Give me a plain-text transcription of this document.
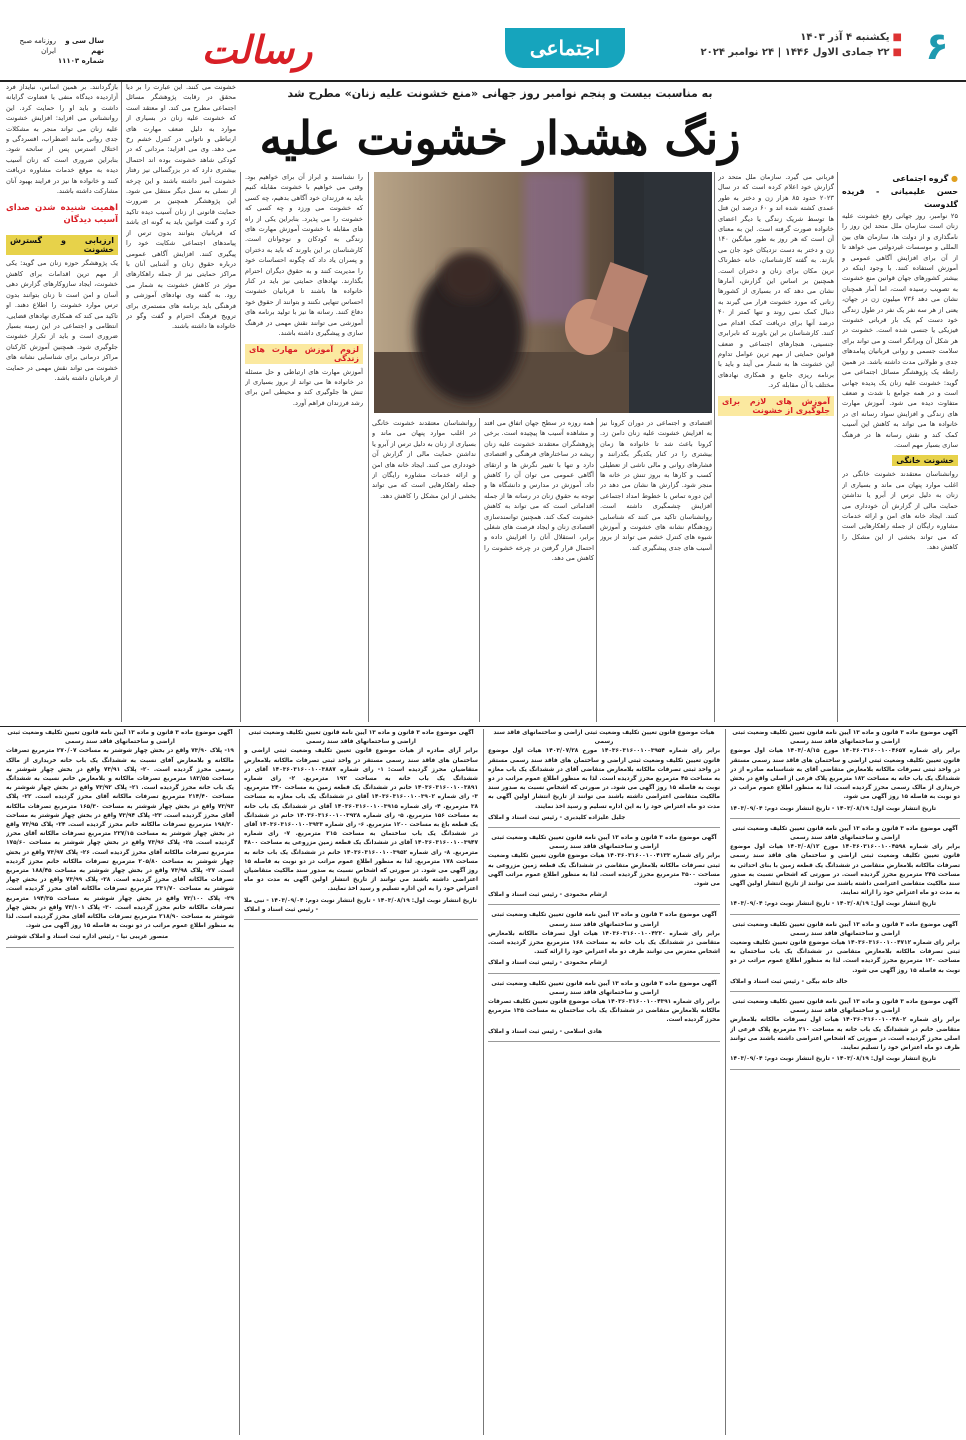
۶
■یکشنبه ۴ آذر ۱۴۰۳
■۲۲ جمادی الاول ۱۴۴۶ | ۲۴ نوامبر ۲۰۲۴
اجتماعی
رسالت
سال سی و نهم
شماره ۱۱۱۰۳
روزنامه صبح ایران
به مناسبت بیست و پنجم نوامبر روز جهانی «منع خشونت علیه زنان» مطرح شد
زنگ هشدار خشونت علیه
● گروه اجتماعی
حسن علیمیانی - فریده گلدوست
۲۵ نوامبر، روز جهانی رفع خشونت علیه زنان است سازمان ملل متحد این روز را نامگذاری و از دولت ها، سازمان های بین المللی و موسسات غیردولتی می خواهد تا از آن برای افزایش آگاهی عمومی و آموزش استفاده کنند. با وجود اینکه در بیشتر کشورهای جهان قوانین منع خشونت به تصویب رسیده است، اما آمار همچنان نشان می دهد ۷۳۶ میلیون زن در جهان، یعنی از هر سه نفر یک نفر در طول زندگی خود دست کم یک بار قربانی خشونت فیزیکی یا جنسی شده است. خشونت در هر شکل آن ویرانگر است و می تواند برای سلامت جسمی و روانی قربانیان پیامدهای جدی و طولانی مدت داشته باشد. در همین رابطه یک پژوهشگر مسائل اجتماعی می گوید: خشونت علیه زنان یک پدیده جهانی است و در همه جوامع با شدت و ضعف متفاوت دیده می شود. آموزش مهارت های زندگی و افزایش سواد رسانه ای در خانواده ها می تواند به کاهش این آسیب کمک کند و نقش رسانه ها در فرهنگ سازی بسیار مهم است.
خشونت خانگی
روانشناسان معتقدند خشونت خانگی در اغلب موارد پنهان می ماند و بسیاری از زنان به دلیل ترس از آبرو یا نداشتن حمایت مالی از گزارش آن خودداری می کنند. ایجاد خانه های امن و ارائه خدمات مشاوره رایگان از جمله راهکارهایی است که می تواند بخشی از این مشکل را کاهش دهد.
قربانی می گیرد. سازمان ملل متحد در گزارش خود اعلام کرده است که در سال ۲۰۲۳ حدود ۸۵ هزار زن و دختر به طور عمدی کشته شده اند و ۶۰ درصد این قتل ها توسط شریک زندگی یا دیگر اعضای خانواده صورت گرفته است. این به معنای آن است که هر روز به طور میانگین ۱۴۰ زن و دختر به دست نزدیکان خود جان می بازند. به گفته کارشناسان، خانه خطرناک ترین مکان برای زنان و دختران است. همچنین بر اساس این گزارش، آمارها نشان می دهد که در بسیاری از کشورها زنانی که مورد خشونت قرار می گیرند به دنبال کمک نمی روند و تنها کمتر از ۴۰ درصد آنها برای دریافت کمک اقدام می کنند. کارشناسان بر این باورند که نابرابری جنسیتی، هنجارهای اجتماعی و ضعف قوانین حمایتی از مهم ترین عوامل تداوم این خشونت ها به شمار می آیند و باید با برنامه ریزی جامع و همکاری نهادهای مختلف با آن مقابله کرد.
آموزش های لازم برای جلوگیری از خشونت
اقتصادی و اجتماعی در دوران کرونا نیز به افزایش خشونت علیه زنان دامن زد. کرونا باعث شد تا خانواده ها زمان بیشتری را در کنار یکدیگر بگذرانند و فشارهای روانی و مالی ناشی از تعطیلی کسب و کارها به بروز تنش در خانه ها منجر شود. گزارش ها نشان می دهد در این دوره تماس با خطوط امداد اجتماعی افزایش چشمگیری داشته است. روانشناسان تاکید می کنند که شناسایی زودهنگام نشانه های خشونت و آموزش شیوه های کنترل خشم می تواند از بروز آسیب های جدی پیشگیری کند.
همه روزه در سطح جهان اتفاق می افتد و مشاهده آسیب ها پیچیده است. برخی پژوهشگران معتقدند خشونت علیه زنان ریشه در ساختارهای فرهنگی و اقتصادی دارد و تنها با تغییر نگرش ها و ارتقای آگاهی عمومی می توان آن را کاهش داد. آموزش در مدارس و دانشگاه ها و توجه به حقوق زنان در رسانه ها از جمله اقداماتی است که می تواند به کاهش خشونت کمک کند. همچنین توانمندسازی اقتصادی زنان و ایجاد فرصت های شغلی برابر، استقلال آنان را افزایش داده و احتمال قرار گرفتن در چرخه خشونت را کاهش می دهد.
روانشناسان معتقدند خشونت خانگی در اغلب موارد پنهان می ماند و بسیاری از زنان به دلیل ترس از آبرو یا نداشتن حمایت مالی از گزارش آن خودداری می کنند. ایجاد خانه های امن و ارائه خدمات مشاوره رایگان از جمله راهکارهایی است که می تواند بخشی از این مشکل را کاهش دهد.
را نشناسند و ابراز آن برای خواهیم بود. وقتی می خواهیم با خشونت مقابله کنیم باید به فرزندان خود آگاهی بدهیم، چه کسی که خشونت می ورزد و چه کسی که خشونت را می پذیرد. بنابراین یکی از راه های مقابله با خشونت آموزش مهارت های زندگی به کودکان و نوجوانان است. کارشناسان بر این باورند که باید به دختران و پسران یاد داد که چگونه احساسات خود را مدیریت کنند و به حقوق دیگران احترام بگذارند. نهادهای حمایتی نیز باید در کنار خانواده ها باشند تا قربانیان خشونت احساس تنهایی نکنند و بتوانند از حقوق خود دفاع کنند. رسانه ها نیز با تولید برنامه های آموزشی می توانند نقش مهمی در فرهنگ سازی و پیشگیری داشته باشند.
لزوم آموزش مهارت های زندگی
آموزش مهارت های ارتباطی و حل مسئله در خانواده ها می تواند از بروز بسیاری از تنش ها جلوگیری کند و محیطی امن برای رشد فرزندان فراهم آورد.
خشونت می کنند. این عبارت را بر دیا محقق در رقابت پژوهشگر مسائل اجتماعی مطرح می کند. او معتقد است که خشونت علیه زنان در بسیاری از موارد به دلیل ضعف مهارت های ارتباطی و ناتوانی در کنترل خشم رخ می دهد. وی می افزاید: مردانی که در کودکی شاهد خشونت بوده اند احتمال بیشتری دارد که در بزرگسالی نیز رفتار خشونت آمیز داشته باشند و این چرخه از نسلی به نسل دیگر منتقل می شود. این پژوهشگر همچنین بر ضرورت حمایت قانونی از زنان آسیب دیده تاکید کرد و گفت قوانین باید به گونه ای باشد که قربانیان بتوانند بدون ترس از پیامدهای اجتماعی شکایت خود را پیگیری کنند. افزایش آگاهی عمومی درباره حقوق زنان و آشنایی آنان با مراکز حمایتی نیز از جمله راهکارهای موثر در کاهش خشونت به شمار می رود. به گفته وی نهادهای آموزشی و فرهنگی باید برنامه های مستمری برای ترویج فرهنگ احترام و گفت وگو در خانواده ها داشته باشند.
بازگردانند. بر همین اساس، نبایداز فرد آزاردیده دیدگاه منفی یا قضاوت گرایانه داشت و باید او را حمایت کرد. این روانشناس می افزاید: افزایش خشونت علیه زنان می تواند منجر به مشکلات جدی روانی مانند اضطراب، افسردگی و اختلال استرس پس از سانحه شود. بنابراین ضروری است که زنان آسیب دیده به موقع خدمات مشاوره دریافت کنند و خانواده ها نیز در فرایند بهبود آنان مشارکت داشته باشند.
اهمیت شنیده شدن صدای آسیب دیدگان
ارزیابی و گسترش خشونت
یک پژوهشگر حوزه زنان می گوید: یکی از مهم ترین اقدامات برای کاهش خشونت، ایجاد سازوکارهای گزارش دهی آسان و امن است تا زنان بتوانند بدون ترس موارد خشونت را اطلاع دهند. او تاکید می کند که همکاری نهادهای قضایی، انتظامی و اجتماعی در این زمینه بسیار ضروری است و باید از تکرار خشونت جلوگیری شود. همچنین آموزش کارکنان مراکز درمانی برای شناسایی نشانه های خشونت می تواند نقش مهمی در حمایت از قربانیان داشته باشد.
آگهی موضوع ماده ۳ قانون و ماده ۱۳ آیین نامه قانون تعیین تکلیف وضعیت ثبتی اراضی و ساختمانهای فاقد سند رسمی
برابر رای شماره ۱۴۰۳۶۰۳۱۶۰۰۱۰۰۴۶۵۷ مورخ ۱۴۰۳/۰۸/۱۵ هیات اول موضوع قانون تعیین تکلیف وضعیت ثبتی اراضی و ساختمان های فاقد سند رسمی مستقر در واحد ثبتی تصرفات مالکانه بلامعارض متقاضی آقای به شناسنامه صادره از در ششدانگ یک باب خانه به مساحت ۱۸۲ مترمربع پلاک فرعی از اصلی واقع در بخش خریداری از مالک رسمی محرز گردیده است. لذا به منظور اطلاع عموم مراتب در دو نوبت به فاصله ۱۵ روز آگهی می شود.
تاریخ انتشار نوبت اول: ۱۴۰۳/۰۸/۱۹ - تاریخ انتشار نوبت دوم: ۱۴۰۳/۰۹/۰۴
آگهی موضوع ماده ۳ قانون و ماده ۱۳ آیین نامه قانون تعیین تکلیف وضعیت ثبتی اراضی و ساختمانهای فاقد سند رسمی
برابر رای شماره ۱۴۰۳۶۰۳۱۶۰۰۱۰۰۴۵۹۸ مورخ ۱۴۰۳/۰۸/۱۲ هیات اول موضوع قانون تعیین تکلیف وضعیت ثبتی اراضی و ساختمان های فاقد سند رسمی تصرفات مالکانه بلامعارض متقاضی در ششدانگ یک قطعه زمین با بنای احداثی به مساحت ۲۴۵ مترمربع محرز گردیده است. در صورتی که اشخاص نسبت به صدور سند مالکیت متقاضی اعتراضی داشته باشند می توانند از تاریخ انتشار اولین آگهی به مدت دو ماه اعتراض خود را ارائه نمایند.
تاریخ انتشار نوبت اول: ۱۴۰۳/۰۸/۱۹ - تاریخ انتشار نوبت دوم: ۱۴۰۳/۰۹/۰۴
آگهی موضوع ماده ۳ قانون و ماده ۱۳ آیین نامه قانون تعیین تکلیف وضعیت ثبتی اراضی و ساختمانهای فاقد سند رسمی
برابر رای شماره ۱۴۰۳۶۰۳۱۶۰۰۱۰۰۴۷۱۲ هیات موضوع قانون تعیین تکلیف وضعیت ثبتی تصرفات مالکانه بلامعارض متقاضی در ششدانگ یک باب ساختمان به مساحت ۱۲۰ مترمربع محرز گردیده است. لذا به منظور اطلاع عموم مراتب در دو نوبت به فاصله ۱۵ روز آگهی می شود.
خالد خانه بیگی - رئیس ثبت اسناد و املاک
آگهی موضوع ماده ۳ قانون و ماده ۱۳ آیین نامه قانون تعیین تکلیف وضعیت ثبتی اراضی و ساختمانهای فاقد سند رسمی
برابر رای شماره ۱۴۰۳۶۰۳۱۶۰۰۱۰۰۴۸۰۲ هیات اول تصرفات مالکانه بلامعارض متقاضی خانم در ششدانگ یک باب خانه به مساحت ۲۱۰ مترمربع پلاک فرعی از اصلی محرز گردیده است. در صورتی که اشخاص اعتراضی داشته باشند می توانند ظرف دو ماه اعتراض خود را تسلیم نمایند.
تاریخ انتشار نوبت اول: ۱۴۰۳/۰۸/۱۹ - تاریخ انتشار نوبت دوم: ۱۴۰۳/۰۹/۰۴
هیات موضوع قانون تعیین تکلیف وضعیت ثبتی اراضی و ساختمانهای فاقد سند رسمی
برابر رای شماره ۱۴۰۳۶۰۳۱۶۰۰۱۰۰۳۹۵۴ مورخ ۱۴۰۳/۰۷/۲۸ هیات اول موضوع قانون تعیین تکلیف وضعیت ثبتی اراضی و ساختمان های فاقد سند رسمی مستقر در واحد ثبتی تصرفات مالکانه بلامعارض متقاضی آقای در ششدانگ یک باب مغازه به مساحت ۴۵ مترمربع محرز گردیده است. لذا به منظور اطلاع عموم مراتب در دو نوبت به فاصله ۱۵ روز آگهی می شود. در صورتی که اشخاص نسبت به صدور سند مالکیت متقاضی اعتراضی داشته باشند می توانند از تاریخ انتشار اولین آگهی به مدت دو ماه اعتراض خود را به این اداره تسلیم و رسید اخذ نمایند.
جلیل علیزاده کلیدبری - رئیس ثبت اسناد و املاک
آگهی موضوع ماده ۳ قانون و ماده ۱۳ آیین نامه قانون تعیین تکلیف وضعیت ثبتی اراضی و ساختمانهای فاقد سند رسمی
برابر رای شماره ۱۴۰۳۶۰۳۱۶۰۰۱۰۰۴۱۳۳ هیات موضوع قانون تعیین تکلیف وضعیت ثبتی تصرفات مالکانه بلامعارض متقاضی در ششدانگ یک قطعه زمین مزروعی به مساحت ۳۵۰۰ مترمربع محرز گردیده است. لذا به منظور اطلاع عموم مراتب آگهی می شود.
ارشام محمودی - رئیس ثبت اسناد و املاک
آگهی موضوع ماده ۳ قانون و ماده ۱۳ آیین نامه قانون تعیین تکلیف وضعیت ثبتی اراضی و ساختمانهای فاقد سند رسمی
برابر رای شماره ۱۴۰۳۶۰۳۱۶۰۰۱۰۰۴۲۲۰ هیات اول تصرفات مالکانه بلامعارض متقاضی در ششدانگ یک باب خانه به مساحت ۱۶۸ مترمربع محرز گردیده است. اشخاص معترض می توانند ظرف دو ماه اعتراض خود را ارائه کنند.
ارشام محمودی - رئیس ثبت اسناد و املاک
آگهی موضوع ماده ۳ قانون و ماده ۱۳ آیین نامه قانون تعیین تکلیف وضعیت ثبتی اراضی و ساختمانهای فاقد سند رسمی
برابر رای شماره ۱۴۰۳۶۰۳۱۶۰۰۱۰۰۴۳۹۱ هیات موضوع قانون تعیین تکلیف تصرفات مالکانه بلامعارض متقاضی در ششدانگ یک باب ساختمان به مساحت ۱۳۵ مترمربع محرز گردیده است.
هادی اسلامی - رئیس ثبت اسناد و املاک
آگهی موضوع ماده ۳ قانون و ماده ۱۳ آیین نامه قانون تعیین تکلیف وضعیت ثبتی اراضی و ساختمانهای فاقد سند رسمی
برابر آرای صادره از هیات موضوع قانون تعیین تکلیف وضعیت ثبتی اراضی و ساختمان های فاقد سند رسمی مستقر در واحد ثبتی تصرفات مالکانه بلامعارض متقاضیان محرز گردیده است: ۱- رای شماره ۱۴۰۳۶۰۳۱۶۰۰۱۰۰۳۸۸۷ آقای در ششدانگ یک باب خانه به مساحت ۱۹۲ مترمربع. ۲- رای شماره ۱۴۰۳۶۰۳۱۶۰۰۱۰۰۳۸۹۱ خانم در ششدانگ یک قطعه زمین به مساحت ۲۴۰ مترمربع. ۳- رای شماره ۱۴۰۳۶۰۳۱۶۰۰۱۰۰۳۹۰۲ آقای در ششدانگ یک باب مغازه به مساحت ۳۸ مترمربع. ۴- رای شماره ۱۴۰۳۶۰۳۱۶۰۰۱۰۰۳۹۱۵ آقای در ششدانگ یک باب خانه به مساحت ۱۵۶ مترمربع. ۵- رای شماره ۱۴۰۳۶۰۳۱۶۰۰۱۰۰۳۹۲۸ خانم در ششدانگ یک قطعه باغ به مساحت ۱۲۰۰ مترمربع. ۶- رای شماره ۱۴۰۳۶۰۳۱۶۰۰۱۰۰۳۹۳۳ آقای در ششدانگ یک باب ساختمان به مساحت ۲۱۵ مترمربع. ۷- رای شماره ۱۴۰۳۶۰۳۱۶۰۰۱۰۰۳۹۴۷ آقای در ششدانگ یک قطعه زمین مزروعی به مساحت ۴۸۰۰ مترمربع. ۸- رای شماره ۱۴۰۳۶۰۳۱۶۰۰۱۰۰۳۹۵۲ خانم در ششدانگ یک باب خانه به مساحت ۱۷۸ مترمربع. لذا به منظور اطلاع عموم مراتب در دو نوبت به فاصله ۱۵ روز آگهی می شود. در صورتی که اشخاص نسبت به صدور سند مالکیت متقاضیان اعتراضی داشته باشند می توانند از تاریخ انتشار اولین آگهی به مدت دو ماه اعتراض خود را به این اداره تسلیم و رسید اخذ نمایند.
تاریخ انتشار نوبت اول: ۱۴۰۳/۰۸/۱۹ - تاریخ انتشار نوبت دوم: ۱۴۰۳/۰۹/۰۴ - نبی ملا - رئیس ثبت اسناد و املاک
آگهی موضوع ماده ۳ قانون و ماده ۱۳ آیین نامه قانون تعیین تکلیف وضعیت ثبتی اراضی و ساختمانهای فاقد سند رسمی
۱۹- پلاک ۷۳/۹۰ واقع در بخش چهار شوشتر به مساحت ۲۷۰/۰۷ مترمربع تصرفات مالکانه و بلامعارض آقای نسبت به ششدانگ یک باب خانه خریداری از مالک رسمی محرز گردیده است. ۲۰- پلاک ۷۳/۹۱ واقع در بخش چهار شوشتر به مساحت ۱۸۲/۵۵ مترمربع تصرفات مالکانه و بلامعارض خانم نسبت به ششدانگ یک باب خانه محرز گردیده است. ۲۱- پلاک ۷۳/۹۲ واقع در بخش چهار شوشتر به مساحت ۲۱۴/۴۰ مترمربع تصرفات مالکانه آقای محرز گردیده است. ۲۲- پلاک ۷۳/۹۳ واقع در بخش چهار شوشتر به مساحت ۱۶۵/۳۰ مترمربع تصرفات مالکانه آقای محرز گردیده است. ۲۳- پلاک ۷۳/۹۴ واقع در بخش چهار شوشتر به مساحت ۱۹۸/۲۰ مترمربع تصرفات مالکانه خانم محرز گردیده است. ۲۴- پلاک ۷۳/۹۵ واقع در بخش چهار شوشتر به مساحت ۲۲۷/۱۵ مترمربع تصرفات مالکانه آقای محرز گردیده است. ۲۵- پلاک ۷۳/۹۶ واقع در بخش چهار شوشتر به مساحت ۱۷۵/۶۰ مترمربع تصرفات مالکانه آقای محرز گردیده است. ۲۶- پلاک ۷۳/۹۷ واقع در بخش چهار شوشتر به مساحت ۲۰۵/۸۰ مترمربع تصرفات مالکانه خانم محرز گردیده است. ۲۷- پلاک ۷۳/۹۸ واقع در بخش چهار شوشتر به مساحت ۱۸۸/۴۵ مترمربع تصرفات مالکانه آقای محرز گردیده است. ۲۸- پلاک ۷۳/۹۹ واقع در بخش چهار شوشتر به مساحت ۲۳۱/۷۰ مترمربع تصرفات مالکانه آقای محرز گردیده است. ۲۹- پلاک ۷۳/۱۰۰ واقع در بخش چهار شوشتر به مساحت ۱۹۴/۳۵ مترمربع تصرفات مالکانه خانم محرز گردیده است. ۳۰- پلاک ۷۳/۱۰۱ واقع در بخش چهار شوشتر به مساحت ۲۱۸/۹۰ مترمربع تصرفات مالکانه آقای محرز گردیده است. لذا به منظور اطلاع عموم مراتب در دو نوبت به فاصله ۱۵ روز آگهی می شود.
منصور غریبی نیا - رئیس اداره ثبت اسناد و املاک شوشتر
